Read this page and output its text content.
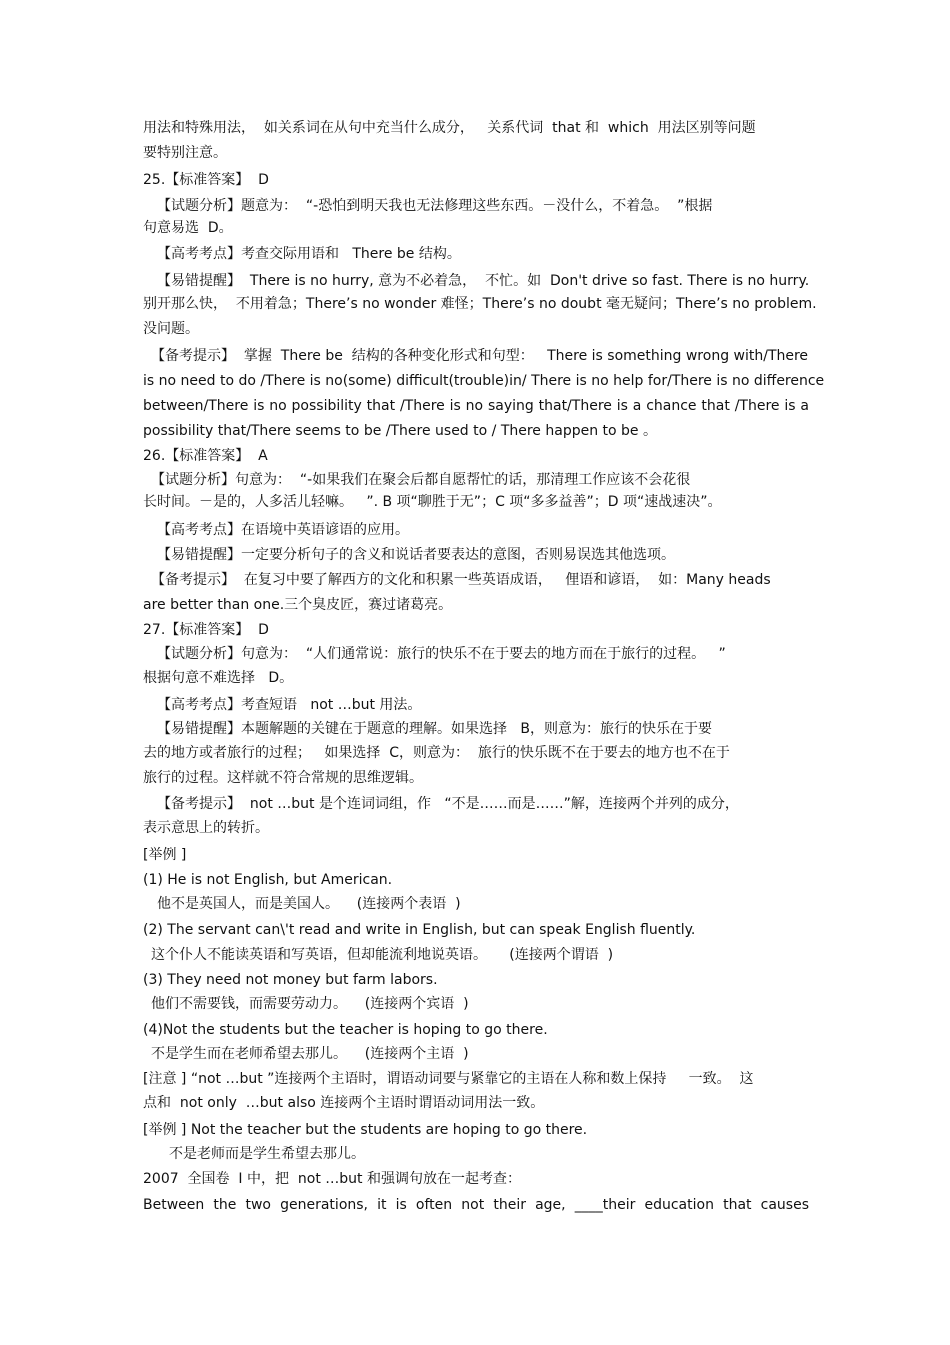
用法和特殊用法，  如关系词在从句中充当什么成分，   关系代词  that 和  which  用法区别等问题
要特别注意。
25.【标准答案】  D
【试题分析】题意为：  “-恐怕到明天我也无法修理这些东西。－没什么，不着急。  ”根据
句意易选  D。
【高考考点】考查交际用语和   There be 结构。
【易错提醒】  There is no hurry, 意为不必着急，  不忙。如  Don't drive so fast. There is no hurry.
别开那么快，  不用着急；There’s no wonder 难怪；There’s no doubt 毫无疑问；There’s no problem.
没问题。
【备考提示】  掌握  There be  结构的各种变化形式和句型：   There is something wrong with/There
is no need to do /There is no(some) difficult(trouble)in/ There is no help for/There is no difference
between/There is no possibility that /There is no saying that/There is a chance that /There is a
possibility that/There seems to be /There used to / There happen to be 。
26.【标准答案】  A
【试题分析】句意为：  “-如果我们在聚会后都自愿帮忙的话，那清理工作应该不会花很
长时间。－是的，人多活儿轻嘛。   ”. B 项“聊胜于无”；C 项“多多益善”；D 项“速战速决”。
【高考考点】在语境中英语谚语的应用。
【易错提醒】一定要分析句子的含义和说话者要表达的意图，否则易误选其他选项。
【备考提示】  在复习中要了解西方的文化和积累一些英语成语，   俚语和谚语，  如：Many heads
are better than one.三个臭皮匠，赛过诸葛亮。
27.【标准答案】  D
【试题分析】句意为：  “人们通常说：旅行的快乐不在于要去的地方而在于旅行的过程。   ”
根据句意不难选择   D。
【高考考点】考查短语   not …but 用法。
【易错提醒】本题解题的关键在于题意的理解。如果选择   B，则意为：旅行的快乐在于要
去的地方或者旅行的过程；   如果选择  C，则意为：  旅行的快乐既不在于要去的地方也不在于
旅行的过程。这样就不符合常规的思维逻辑。
【备考提示】  not …but 是个连词词组，作   “不是……而是……”解，连接两个并列的成分，
表示意思上的转折。
[举例 ]
(1) He is not English, but American.
他不是英国人，而是美国人。    (连接两个表语  )
(2) The servant can\'t read and write in English, but can speak English fluently.
这个仆人不能读英语和写英语，但却能流利地说英语。     (连接两个谓语  )
(3) They need not money but farm labors.
他们不需要钱，而需要劳动力。    (连接两个宾语  )
(4)Not the students but the teacher is hoping to go there.
不是学生而在老师希望去那儿。    (连接两个主语  )
[注意 ] “not …but ”连接两个主语时，谓语动词要与紧靠它的主语在人称和数上保持     一致。  这
点和  not only  …but also 连接两个主语时谓语动词用法一致。
[举例 ] Not the teacher but the students are hoping to go there.
不是老师而是学生希望去那儿。
2007  全国卷  I 中，把  not …but 和强调句放在一起考查：
Between the two generations, it is often not their age, ____their education that causes
